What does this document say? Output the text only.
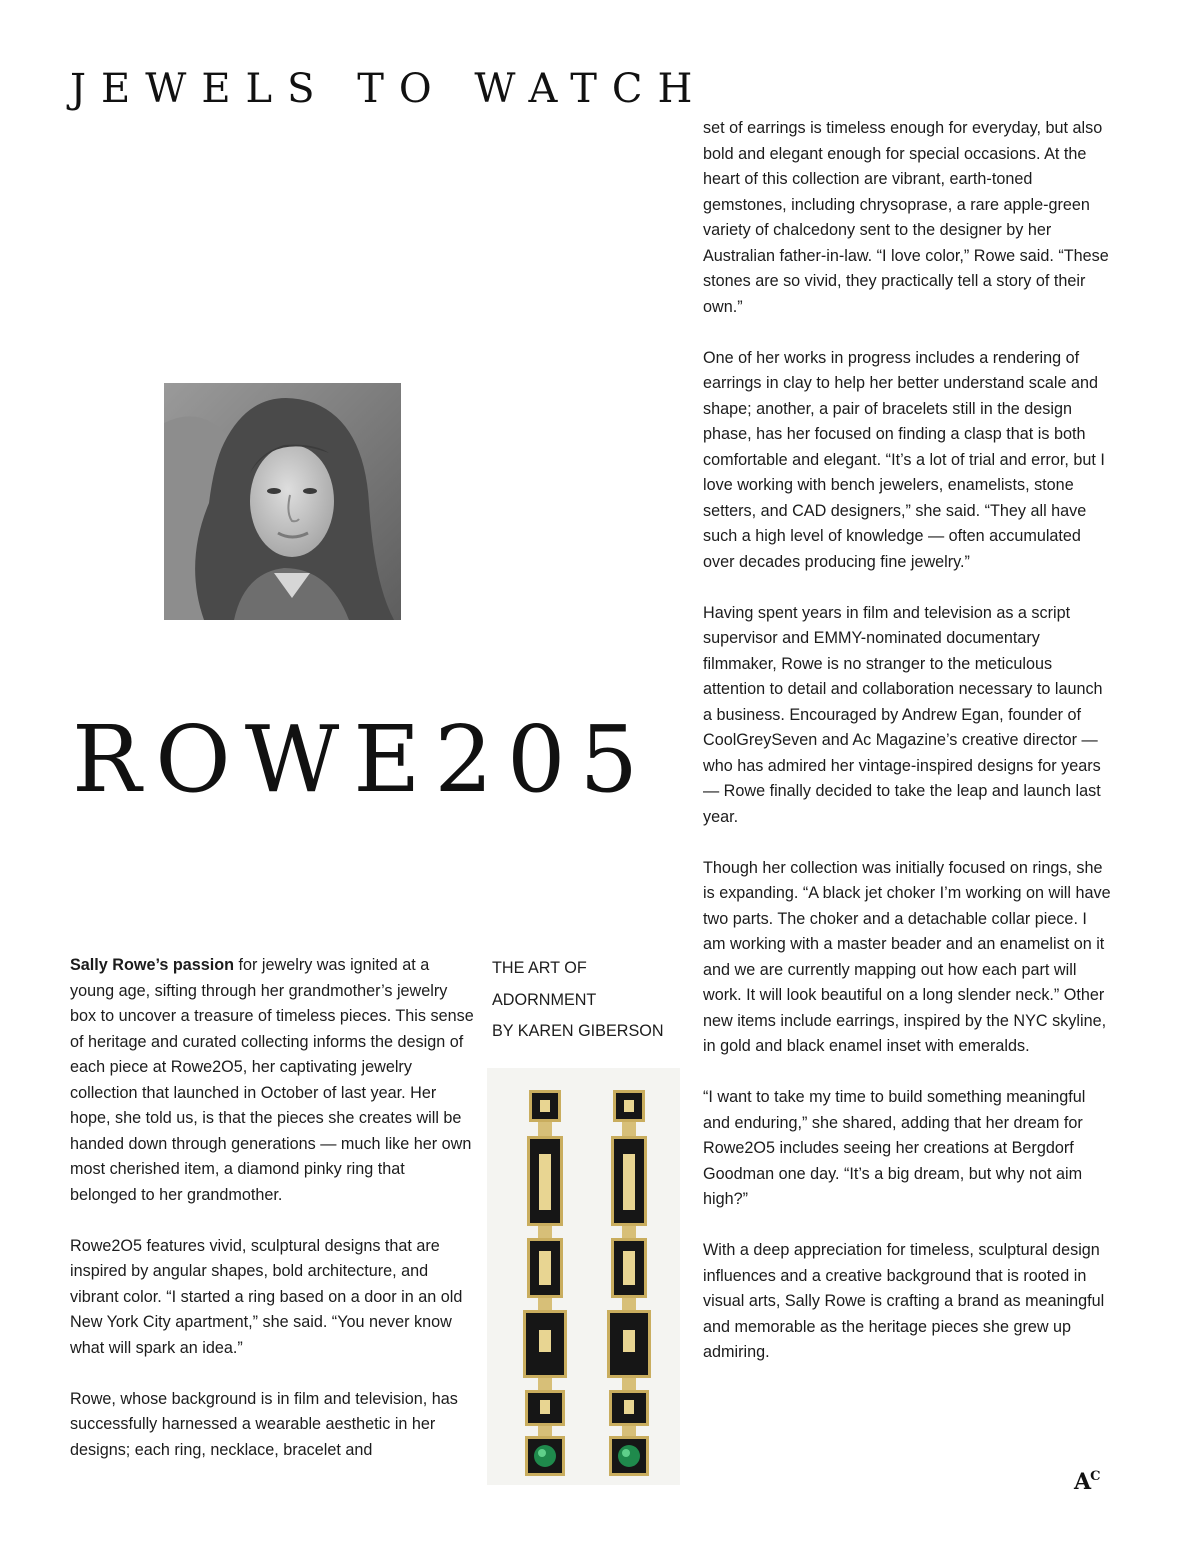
JEWELS TO WATCH
ROWE205
THE ART OF
ADORNMENT
BY KAREN GIBERSON

Sally Rowe’s passion for jewelry was ignited at a young age, sifting through her grandmother’s jewelry box to uncover a treasure of timeless pieces. This sense of heritage and curated collecting informs the design of each piece at Rowe2O5, her captivating jewelry collection that launched in October of last year. Her hope, she told us, is that the pieces she creates will be handed down through generations — much like her own most cherished item, a diamond pinky ring that belonged to her grandmother.

Rowe2O5 features vivid, sculptural designs that are inspired by angular shapes, bold architecture, and vibrant color. “I started a ring based on a door in an old New York City apartment,” she said. “You never know what will spark an idea.”

Rowe, whose background is in film and television, has successfully harnessed a wearable aesthetic in her designs; each ring, necklace, bracelet and

set of earrings is timeless enough for everyday, but also bold and elegant enough for special occasions. At the heart of this collection are vibrant, earth-toned gemstones, including chrysoprase, a rare apple-green variety of chalcedony sent to the designer by her Australian father-in-law. “I love color,” Rowe said. “These stones are so vivid, they practically tell a story of their own.”

One of her works in progress includes a rendering of earrings in clay to help her better understand scale and shape; another, a pair of bracelets still in the design phase, has her focused on finding a clasp that is both comfortable and elegant. “It’s a lot of trial and error, but I love working with bench jewelers, enamelists, stone setters, and CAD designers,” she said. “They all have such a high level of knowledge — often accumulated over decades producing fine jewelry.”

Having spent years in film and television as a script supervisor and EMMY-nominated documentary filmmaker, Rowe is no stranger to the meticulous attention to detail and collaboration necessary to launch a business. Encouraged by Andrew Egan, founder of CoolGreySeven and Ac Magazine’s creative director — who has admired her vintage-inspired designs for years — Rowe finally decided to take the leap and launch last year.

Though her collection was initially focused on rings, she is expanding. “A black jet choker I’m working on will have two parts. The choker and a detachable collar piece. I am working with a master beader and an enamelist on it and we are currently mapping out how each part will work. It will look beautiful on a long slender neck.” Other new items include earrings, inspired by the NYC skyline, in gold and black enamel inset with emeralds.

“I want to take my time to build something meaningful and enduring,” she shared, adding that her dream for Rowe2O5 includes seeing her creations at Bergdorf Goodman one day. “It’s a big dream, but why not aim high?”

With a deep appreciation for timeless, sculptural design influences and a creative background that is rooted in visual arts, Sally Rowe is crafting a brand as meaningful and memorable as the heritage pieces she grew up admiring.

$A^C$
